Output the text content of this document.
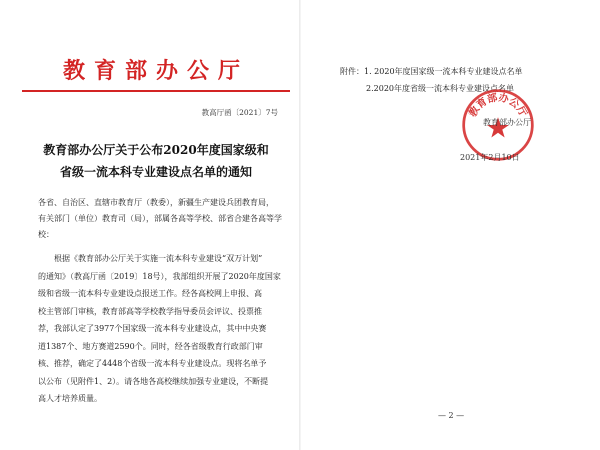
教育部办公厅
教高厅函〔2021〕7号
教育部办公厅关于公布2020年度国家级和
省级一流本科专业建设点名单的通知
各省、自治区、直辖市教育厅（教委），新疆生产建设兵团教育局，
有关部门（单位）教育司（局），部属各高等学校、部省合建各高等学
校：
根据《教育部办公厅关于实施一流本科专业建设“双万计划”
的通知》（教高厅函〔2019〕18号），我部组织开展了2020年度国家
级和省级一流本科专业建设点报送工作。经各高校网上申报、高
校主管部门审核，教育部高等学校教学指导委员会评议、投票推
荐，我部认定了3977个国家级一流本科专业建设点，其中中央赛
道1387个、地方赛道2590个。同时，经各省级教育行政部门审
核、推荐，确定了4448个省级一流本科专业建设点。现将名单予
以公布（见附件1、2）。请各地各高校继续加强专业建设，不断提
高人才培养质量。
附件：1. 2020年度国家级一流本科专业建设点名单
2.2020年度省级一流本科专业建设点名单
教育部办公厅
教育部办公厅
2021年2月10日
— 2 —
